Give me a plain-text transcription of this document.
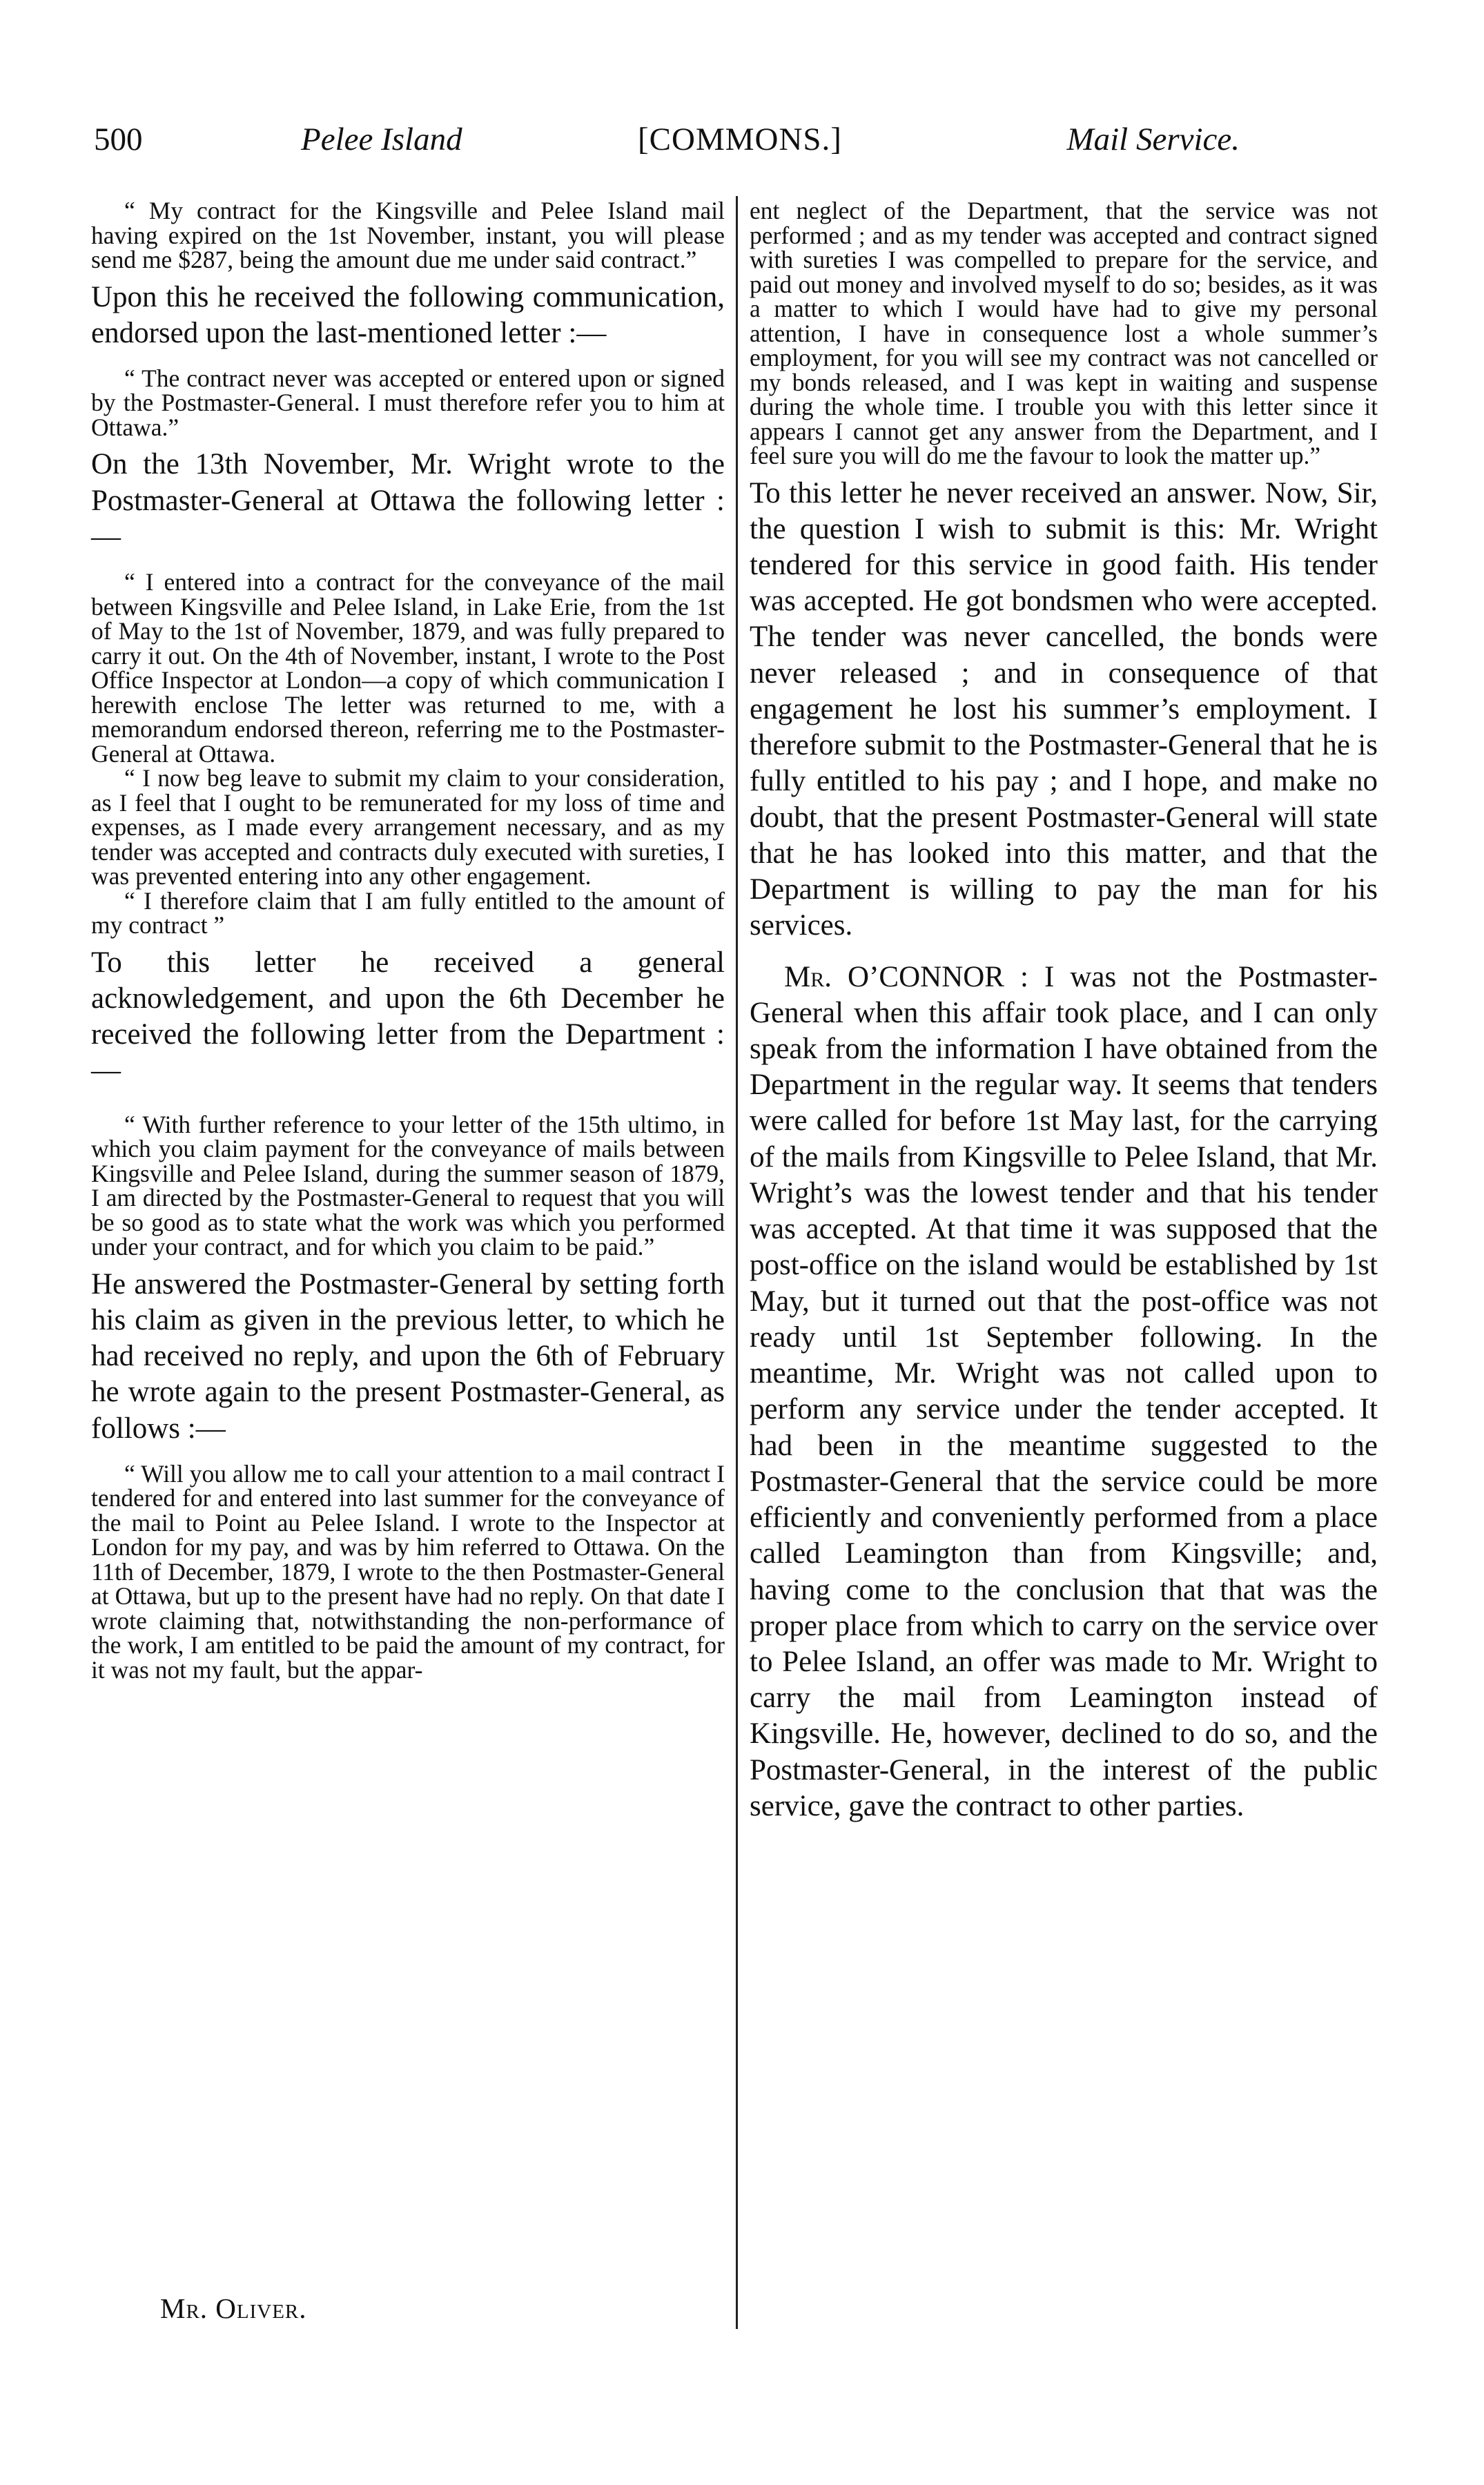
500	Pelee Island	[COMMONS.]	Mail Service.

“ My contract for the Kingsville and Pelee Island mail having expired on the 1st November, instant, you will please send me $287, being the amount due me under said contract.”

Upon this he received the following communication, endorsed upon the last-mentioned letter :—

“ The contract never was accepted or entered upon or signed by the Postmaster-General. I must therefore refer you to him at Ottawa.”

On the 13th November, Mr. Wright wrote to the Postmaster-General at Ottawa the following letter :—

“ I entered into a contract for the conveyance of the mail between Kingsville and Pelee Island, in Lake Erie, from the 1st of May to the 1st of November, 1879, and was fully prepared to carry it out. On the 4th of November, instant, I wrote to the Post Office Inspector at London—a copy of which communication I herewith enclose The letter was returned to me, with a memorandum endorsed thereon, referring me to the Postmaster-General at Ottawa.

“ I now beg leave to submit my claim to your consideration, as I feel that I ought to be remunerated for my loss of time and expenses, as I made every arrangement necessary, and as my tender was accepted and contracts duly executed with sureties, I was prevented entering into any other engagement.

“ I therefore claim that I am fully entitled to the amount of my contract ”

To this letter he received a general acknowledgement, and upon the 6th December he received the following letter from the Department :—

“ With further reference to your letter of the 15th ultimo, in which you claim payment for the conveyance of mails between Kingsville and Pelee Island, during the summer season of 1879, I am directed by the Postmaster-General to request that you will be so good as to state what the work was which you performed under your contract, and for which you claim to be paid.”

He answered the Postmaster-General by setting forth his claim as given in the previous letter, to which he had received no reply, and upon the 6th of February he wrote again to the present Postmaster-General, as follows :—

“ Will you allow me to call your attention to a mail contract I tendered for and entered into last summer for the conveyance of the mail to Point au Pelee Island. I wrote to the Inspector at London for my pay, and was by him referred to Ottawa. On the 11th of December, 1879, I wrote to the then Postmaster-General at Ottawa, but up to the present have had no reply. On that date I wrote claiming that, notwithstanding the non-performance of the work, I am entitled to be paid the amount of my contract, for it was not my fault, but the appar-

ent neglect of the Department, that the service was not performed ; and as my tender was accepted and contract signed with sureties I was compelled to prepare for the service, and paid out money and involved myself to do so; besides, as it was a matter to which I would have had to give my personal attention, I have in consequence lost a whole summer’s employment, for you will see my contract was not cancelled or my bonds released, and I was kept in waiting and suspense during the whole time. I trouble you with this letter since it appears I cannot get any answer from the Department, and I feel sure you will do me the favour to look the matter up.”

To this letter he never received an answer. Now, Sir, the question I wish to submit is this: Mr. Wright tendered for this service in good faith. His tender was accepted. He got bondsmen who were accepted. The tender was never cancelled, the bonds were never released ; and in consequence of that engagement he lost his summer’s employment. I therefore submit to the Postmaster-General that he is fully entitled to his pay ; and I hope, and make no doubt, that the present Postmaster-General will state that he has looked into this matter, and that the Department is willing to pay the man for his services.

Mr. O’CONNOR : I was not the Postmaster-General when this affair took place, and I can only speak from the information I have obtained from the Department in the regular way. It seems that tenders were called for before 1st May last, for the carrying of the mails from Kingsville to Pelee Island, that Mr. Wright’s was the lowest tender and that his tender was accepted. At that time it was supposed that the post-office on the island would be established by 1st May, but it turned out that the post-office was not ready until 1st September following. In the meantime, Mr. Wright was not called upon to perform any service under the tender accepted. It had been in the meantime suggested to the Postmaster-General that the service could be more efficiently and conveniently performed from a place called Leamington than from Kingsville; and, having come to the conclusion that that was the proper place from which to carry on the service over to Pelee Island, an offer was made to Mr. Wright to carry the mail from Leamington instead of Kingsville. He, however, declined to do so, and the Postmaster-General, in the interest of the public service, gave the contract to other parties.

Mr. Oliver.
